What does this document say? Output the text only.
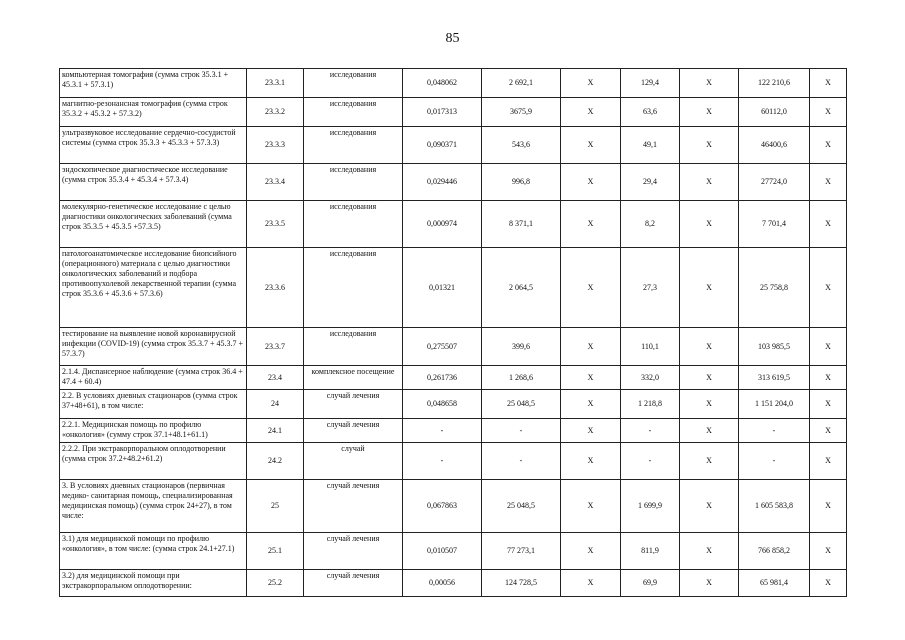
85
компьютерная томография (сумма строк 35.3.1 + 45.3.1 + 57.3.1)	23.3.1	исследования	0,048062	2 692,1	X	129,4	X	122 210,6	X
магнитно-резонансная томография (сумма строк 35.3.2 + 45.3.2 + 57.3.2)	23.3.2	исследования	0,017313	3675,9	X	63,6	X	60112,0	X
ультразвуковое исследование сердечно-сосудистой системы (сумма строк 35.3.3 + 45.3.3 + 57.3.3)	23.3.3	исследования	0,090371	543,6	X	49,1	X	46400,6	X
эндоскопическое диагностическое исследование (сумма строк 35.3.4 + 45.3.4 + 57.3.4)	23.3.4	исследования	0,029446	996,8	X	29,4	X	27724,0	X
молекулярно-генетическое исследование с целью диагностики онкологических заболеваний (сумма строк 35.3.5 + 45.3.5 +57.3.5)	23.3.5	исследования	0,000974	8 371,1	X	8,2	X	7 701,4	X
патологоанатомическое исследование биопсийного (операционного) материала с целью диагностики онкологических заболеваний и подбора противоопухолевой лекарственной терапии (сумма строк 35.3.6 + 45.3.6 + 57.3.6)	23.3.6	исследования	0,01321	2 064,5	X	27,3	X	25 758,8	X
тестирование на выявление новой коронавирусной инфекции (COVID-19) (сумма строк 35.3.7 + 45.3.7 + 57.3.7)	23.3.7	исследования	0,275507	399,6	X	110,1	X	103 985,5	X
2.1.4. Диспансерное наблюдение (сумма строк 36.4 + 47.4 + 60.4)	23.4	комплексное посещение	0,261736	1 268,6	X	332,0	X	313 619,5	X
2.2. В условиях дневных стационаров (сумма строк 37+48+61), в том числе:	24	случай лечения	0,048658	25 048,5	X	1 218,8	X	1 151 204,0	X
2.2.1. Медицинская помощь по профилю «онкология» (сумму строк 37.1+48.1+61.1)	24.1	случай лечения	-	-	X	-	X	-	X
2.2.2. При экстракорпоральном оплодотворении (сумма строк 37.2+48.2+61.2)	24.2	случай	-	-	X	-	X	-	X
3. В условиях дневных стационаров (первичная медико- санитарная помощь, специализированная медицинская помощь) (сумма строк 24+27), в том числе:	25	случай лечения	0,067863	25 048,5	X	1 699,9	X	1 605 583,8	X
3.1) для медицинской помощи по профилю «онкология», в том числе: (сумма строк 24.1+27.1)	25.1	случай лечения	0,010507	77 273,1	X	811,9	X	766 858,2	X
3.2) для медицинской помощи при экстракорпоральном оплодотворении:	25.2	случай лечения	0,00056	124 728,5	X	69,9	X	65 981,4	X
